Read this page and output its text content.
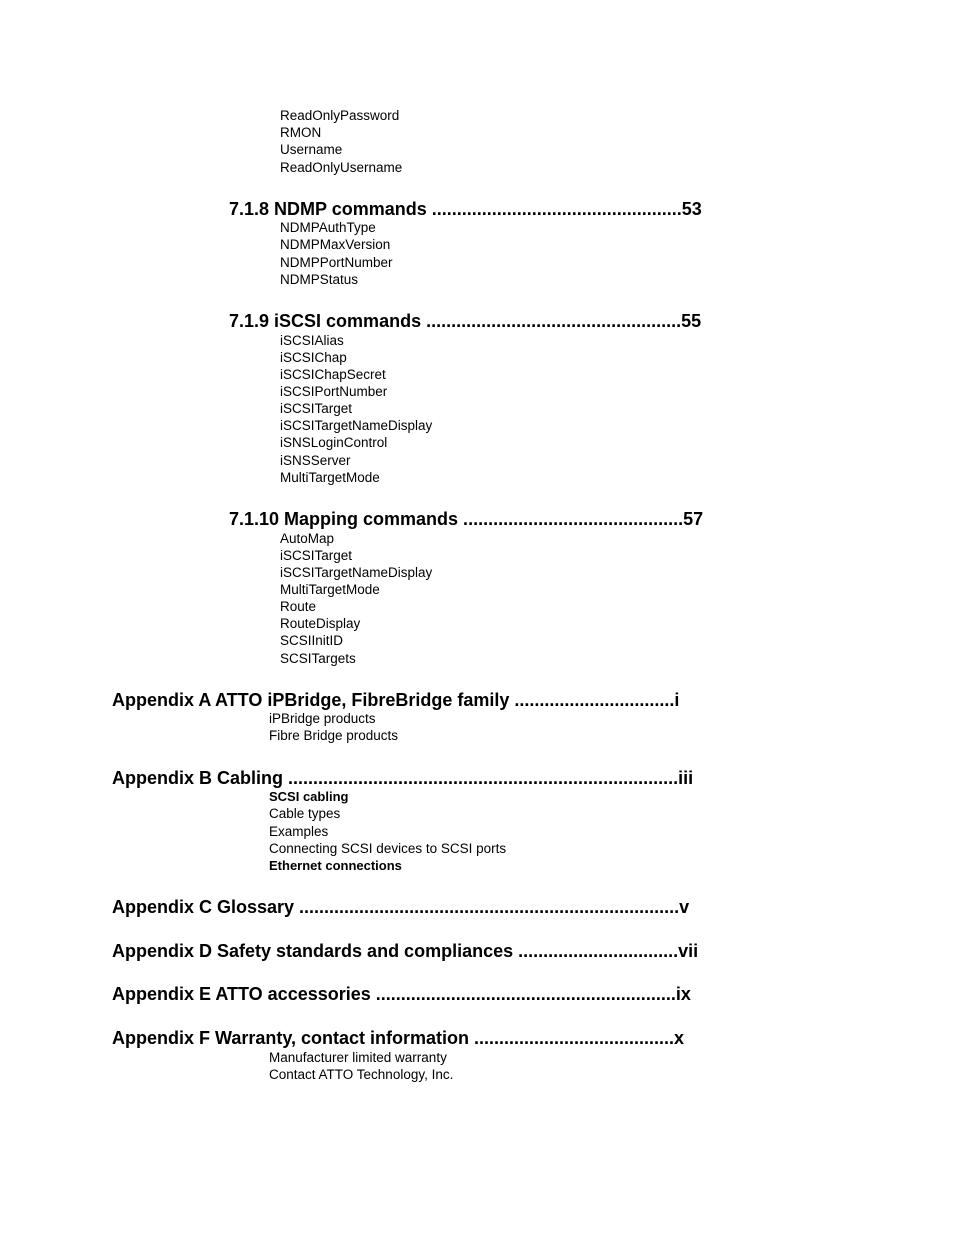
ReadOnlyPassword
RMON
Username
ReadOnlyUsername
7.1.8 NDMP commands ..................................................53
NDMPAuthType
NDMPMaxVersion
NDMPPortNumber
NDMPStatus
7.1.9 iSCSI commands ...................................................55
iSCSIAlias
iSCSIChap
iSCSIChapSecret
iSCSIPortNumber
iSCSITarget
iSCSITargetNameDisplay
iSNSLoginControl
iSNSServer
MultiTargetMode
7.1.10 Mapping commands ............................................57
AutoMap
iSCSITarget
iSCSITargetNameDisplay
MultiTargetMode
Route
RouteDisplay
SCSIInitID
SCSITargets
Appendix A ATTO iPBridge, FibreBridge family ................................i
iPBridge products
Fibre Bridge products
Appendix B Cabling ..............................................................................iii
SCSI cabling
Cable types
Examples
Connecting SCSI devices to SCSI ports
Ethernet connections
Appendix C Glossary ............................................................................v
Appendix D Safety standards and compliances ................................vii
Appendix E ATTO accessories ............................................................ix
Appendix F Warranty, contact information ........................................x
Manufacturer limited warranty
Contact ATTO Technology, Inc.
